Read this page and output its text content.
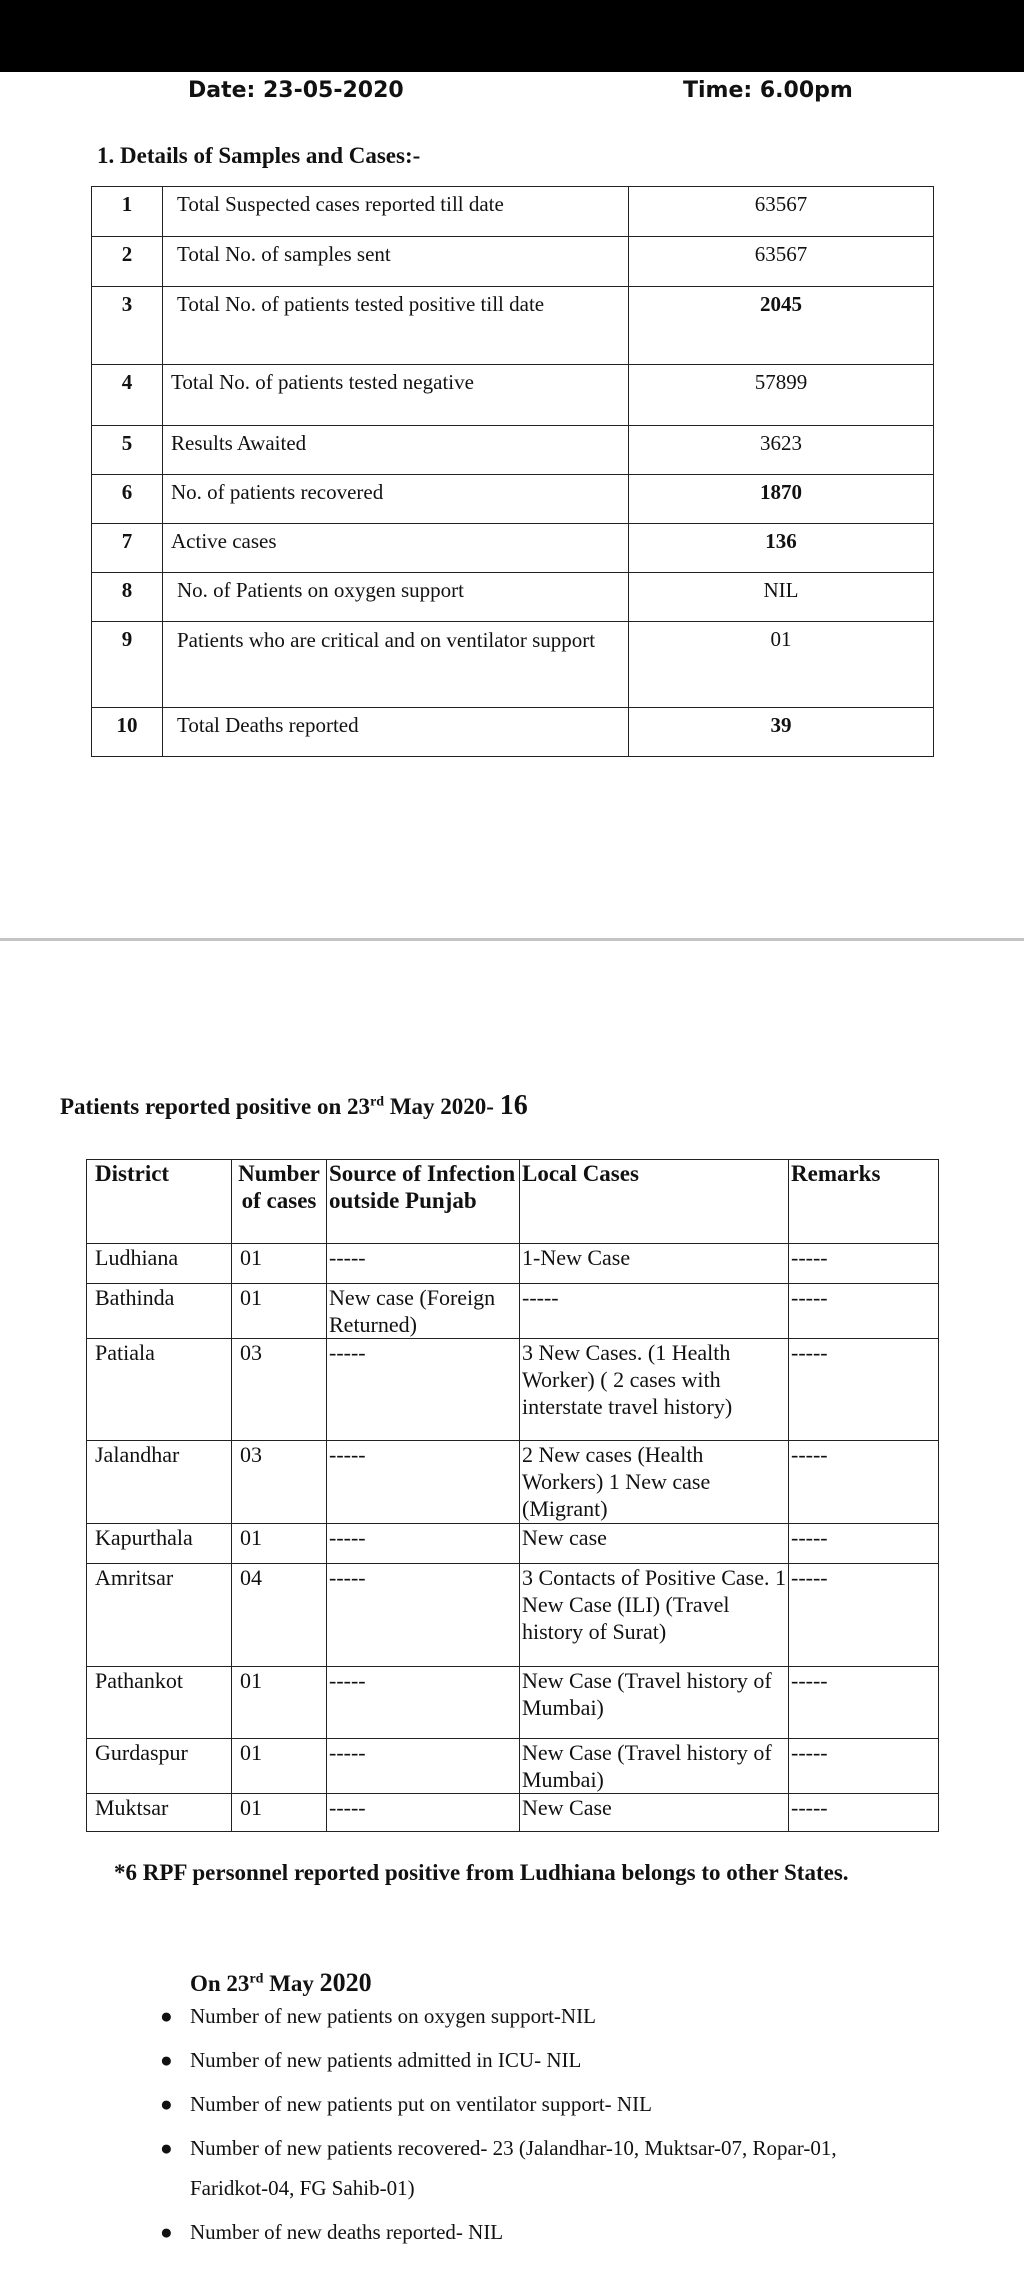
Date: 23-05-2020	Time: 6.00pm
1. Details of Samples and Cases:-
1	Total Suspected cases reported till date	63567
2	Total No. of samples sent	63567
3	Total No. of patients tested positive till date	2045
4	Total No. of patients tested negative	57899
5	Results Awaited	3623
6	No. of patients recovered	1870
7	Active cases	136
8	No. of Patients on oxygen support	NIL
9	Patients who are critical and on ventilator support	01
10	Total Deaths reported	39
Patients reported positive on 23rd May 2020- 16
District	Number of cases	Source of Infection outside Punjab	Local Cases	Remarks
Ludhiana	01	-----	1-New Case	-----
Bathinda	01	New case (Foreign Returned)	-----	-----
Patiala	03	-----	3 New Cases. (1 Health Worker) ( 2 cases with interstate travel history)	-----
Jalandhar	03	-----	2 New cases (Health Workers) 1 New case (Migrant)	-----
Kapurthala	01	-----	New case	-----
Amritsar	04	-----	3 Contacts of Positive Case. 1 New Case (ILI) (Travel history of Surat)	-----
Pathankot	01	-----	New Case (Travel history of Mumbai)	-----
Gurdaspur	01	-----	New Case (Travel history of Mumbai)	-----
Muktsar	01	-----	New Case	-----
*6 RPF personnel reported positive from Ludhiana belongs to other States.
On 23rd May 2020
● Number of new patients on oxygen support-NIL
● Number of new patients admitted in ICU- NIL
● Number of new patients put on ventilator support- NIL
● Number of new patients recovered- 23 (Jalandhar-10, Muktsar-07, Ropar-01, Faridkot-04, FG Sahib-01)
● Number of new deaths reported- NIL
